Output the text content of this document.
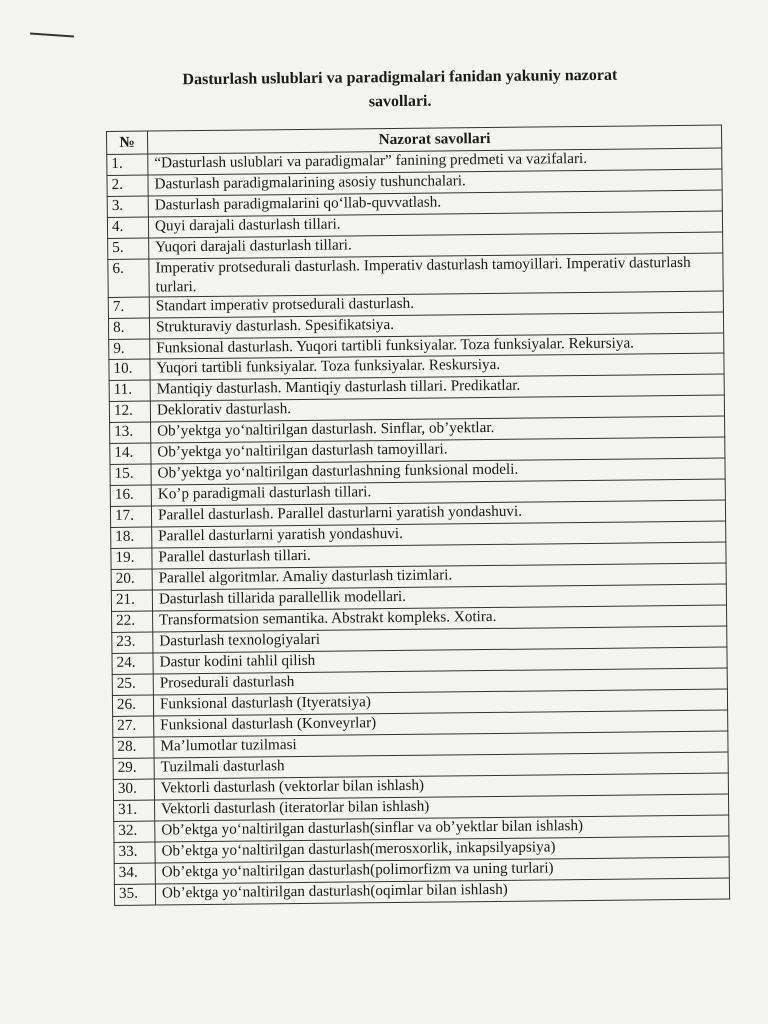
Dasturlash uslublari va paradigmalari fanidan yakuniy nazorat
savollari.
№	Nazorat savollari
1.	“Dasturlash uslublari va paradigmalar” fanining predmeti va vazifalari.
2.	Dasturlash paradigmalarining asosiy tushunchalari.
3.	Dasturlash paradigmalarini qo‘llab-quvvatlash.
4.	Quyi darajali dasturlash tillari.
5.	Yuqori darajali dasturlash tillari.
6.	Imperativ protsedurali dasturlash. Imperativ dasturlash tamoyillari. Imperativ dasturlash turlari.
7.	Standart imperativ protsedurali dasturlash.
8.	Strukturaviy dasturlash. Spesifikatsiya.
9.	Funksional dasturlash. Yuqori tartibli funksiyalar. Toza funksiyalar. Rekursiya.
10.	Yuqori tartibli funksiyalar. Toza funksiyalar. Reskursiya.
11.	Mantiqiy dasturlash. Mantiqiy dasturlash tillari. Predikatlar.
12.	Deklorativ dasturlash.
13.	Ob’yektga yo‘naltirilgan dasturlash. Sinflar, ob’yektlar.
14.	Ob’yektga yo‘naltirilgan dasturlash tamoyillari.
15.	Ob’yektga yo‘naltirilgan dasturlashning funksional modeli.
16.	Ko’p paradigmali dasturlash tillari.
17.	Parallel dasturlash. Parallel dasturlarni yaratish yondashuvi.
18.	Parallel dasturlarni yaratish yondashuvi.
19.	Parallel dasturlash tillari.
20.	Parallel algoritmlar. Amaliy dasturlash tizimlari.
21.	Dasturlash tillarida parallellik modellari.
22.	Transformatsion semantika. Abstrakt kompleks. Xotira.
23.	Dasturlash texnologiyalari
24.	Dastur kodini tahlil qilish
25.	Prosedurali dasturlash
26.	Funksional dasturlash (Ityeratsiya)
27.	Funksional dasturlash (Konveyrlar)
28.	Ma’lumotlar tuzilmasi
29.	Tuzilmali dasturlash
30.	Vektorli dasturlash (vektorlar bilan ishlash)
31.	Vektorli dasturlash (iteratorlar bilan ishlash)
32.	Ob’ektga yo‘naltirilgan dasturlash(sinflar va ob’yektlar bilan ishlash)
33.	Ob’ektga yo‘naltirilgan dasturlash(merosxorlik, inkapsilyapsiya)
34.	Ob’ektga yo‘naltirilgan dasturlash(polimorfizm va uning turlari)
35.	Ob’ektga yo‘naltirilgan dasturlash(oqimlar bilan ishlash)
